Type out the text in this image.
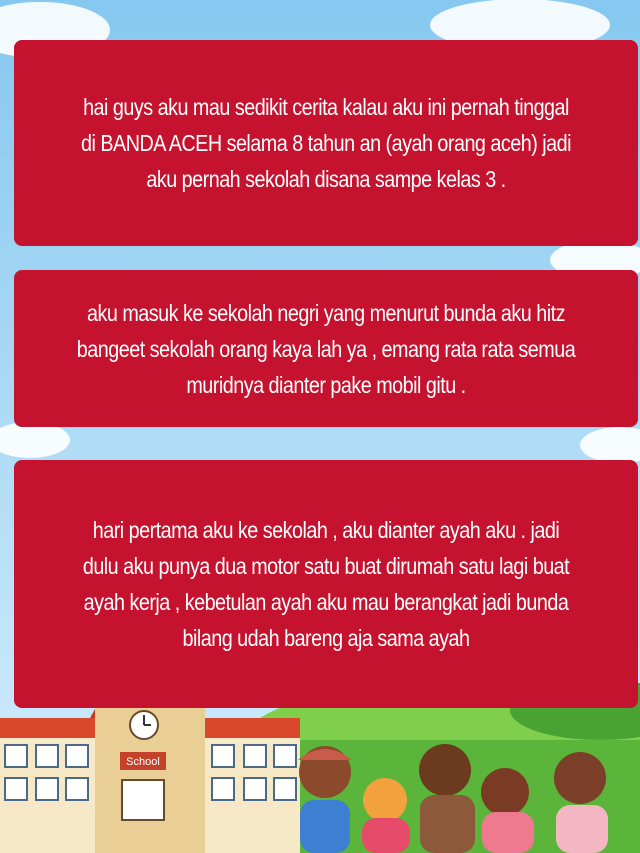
School
hai guys aku mau sedikit cerita kalau aku ini pernah tinggal di BANDA ACEH selama 8 tahun an (ayah orang aceh) jadi aku pernah sekolah disana sampe kelas 3 .
aku masuk ke sekolah negri yang menurut bunda aku hitz bangeet sekolah orang kaya lah ya , emang rata rata semua muridnya dianter pake mobil gitu .
hari pertama aku ke sekolah , aku dianter ayah aku . jadi dulu aku punya dua motor satu buat dirumah satu lagi buat ayah kerja , kebetulan ayah aku mau berangkat jadi bunda bilang udah bareng aja sama ayah
